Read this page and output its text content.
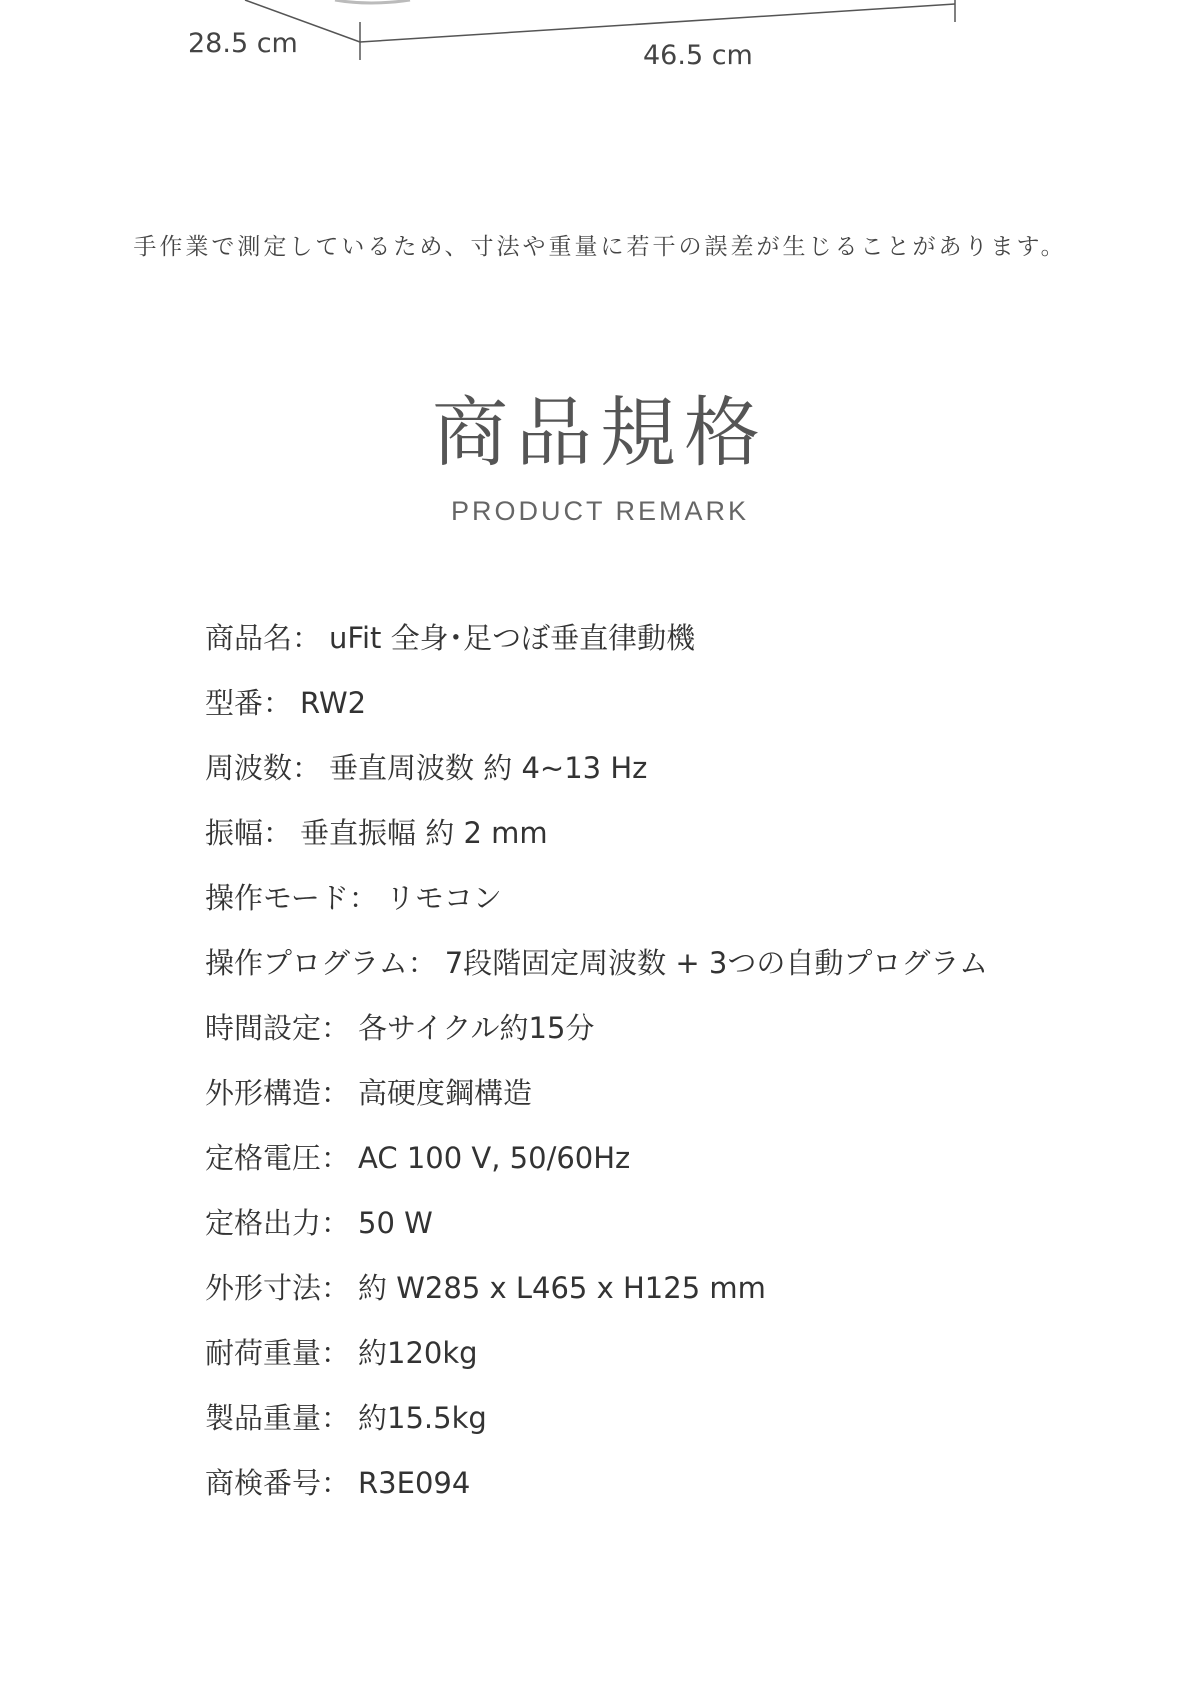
28.5 cm	46.5 cm
手作業で測定しているため、寸法や重量に若干の誤差が生じることがあります。
商品規格
PRODUCT REMARK
商品名： uFit 全身･足つぼ垂直律動機
型番： RW2
周波数： 垂直周波数 約 4~13 Hz
振幅： 垂直振幅 約 2 mm
操作モード： リモコン
操作プログラム： 7段階固定周波数 + 3つの自動プログラム
時間設定： 各サイクル約15分
外形構造： 高硬度鋼構造
定格電圧： AC 100 V, 50/60Hz
定格出力： 50 W
外形寸法： 約 W285 x L465 x H125 mm
耐荷重量： 約120kg
製品重量： 約15.5kg
商検番号： R3E094
